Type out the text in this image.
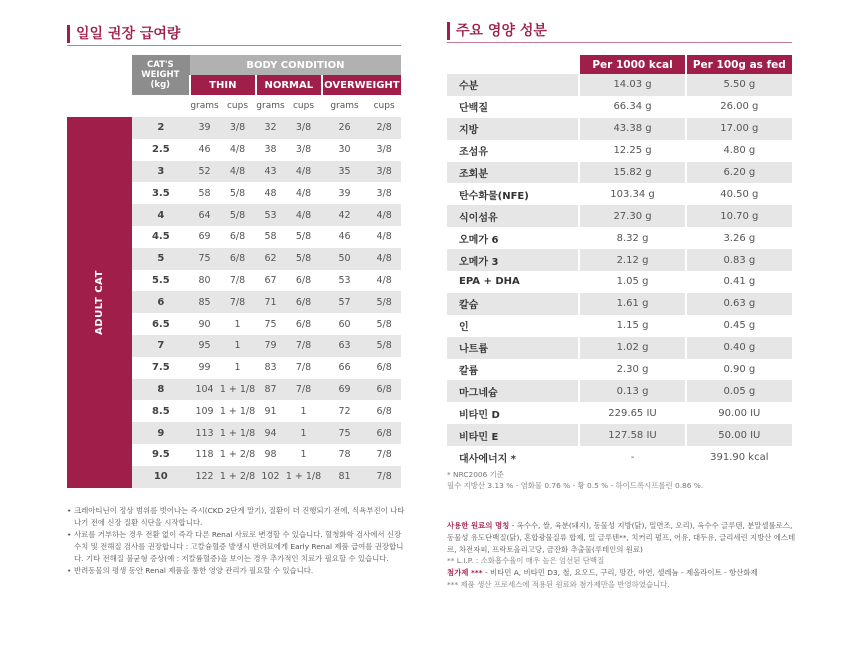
일일 권장 급여량
	CAT'S WEIGHT (kg)	BODY CONDITION					
		THIN		NORMAL		OVERWEIGHT	
		grams	cups	grams	cups	grams	cups
ADULT CAT	2	39	3/8	32	3/8	26	2/8
	2.5	46	4/8	38	3/8	30	3/8
	3	52	4/8	43	4/8	35	3/8
	3.5	58	5/8	48	4/8	39	3/8
	4	64	5/8	53	4/8	42	4/8
	4.5	69	6/8	58	5/8	46	4/8
	5	75	6/8	62	5/8	50	4/8
	5.5	80	7/8	67	6/8	53	4/8
	6	85	7/8	71	6/8	57	5/8
	6.5	90	1	75	6/8	60	5/8
	7	95	1	79	7/8	63	5/8
	7.5	99	1	83	7/8	66	6/8
	8	104	1 + 1/8	87	7/8	69	6/8
	8.5	109	1 + 1/8	91	1	72	6/8
	9	113	1 + 1/8	94	1	75	6/8
	9.5	118	1 + 2/8	98	1	78	7/8
	10	122	1 + 2/8	102	1 + 1/8	81	7/8
• 크레아티닌이 정상 범위를 벗어나는 즉시(CKD 2단계 말기), 질환이 더 진행되기 전에, 식욕부진이 나타나기 전에 신장 질환 식단을 시작합니다.
• 사료를 거부하는 경우 전환 없이 즉각 다른 Renal 사료로 변경할 수 있습니다. 혈청화학 검사에서 신장 수치 및 전해질 검사를 권장합니다 : 고칼슘혈증 발생시 반려묘에게 Early Renal 제품 급여를 권장합니다. 기타 전해질 불균형 증상(예 : 저칼륨혈증)을 보이는 경우 추가적인 치료가 필요할 수 있습니다.
• 반려동물의 평생 동안 Renal 제품을 통한 영양 관리가 필요할 수 있습니다.
주요 영양 성분
	Per 1000 kcal	Per 100g as fed
수분	14.03 g	5.50 g
단백질	66.34 g	26.00 g
지방	43.38 g	17.00 g
조섬유	12.25 g	4.80 g
조회분	15.82 g	6.20 g
탄수화물(NFE)	103.34 g	40.50 g
식이섬유	27.30 g	10.70 g
오메가 6	8.32 g	3.26 g
오메가 3	2.12 g	0.83 g
EPA + DHA	1.05 g	0.41 g
칼슘	1.61 g	0.63 g
인	1.15 g	0.45 g
나트륨	1.02 g	0.40 g
칼륨	2.30 g	0.90 g
마그네슘	0.13 g	0.05 g
비타민 D	229.65 IU	90.00 IU
비타민 E	127.58 IU	50.00 IU
대사에너지 *	-	391.90 kcal
* NRC2006 기준
필수 지방산 3.13 % - 염화물 0.76 % - 황 0.5 % - 하이드록시프롤린 0.86 %.
사용한 원료의 명칭 - 옥수수, 쌀, 육분(돼지), 동물성 지방(닭), 밀면조, 오리), 옥수수 글루텐, 분말셀룰로스, 동물성 유도단백질(닭), 혼합광물질류 합제, 밀 글루텐**, 치커리 펄프, 어유, 대두유, 글리세린 지방산 에스테르, 차전자피, 프락토올리고당, 금잔화 추출물(루테인의 원료)
** L.I.P. : 소화흡수율이 매우 높은 엄선된 단백질
첨가제 *** - 비타민 A, 비타민 D3, 철, 요오드, 구리, 망간, 아연, 셀레늄 - 제올라이트 - 항산화제
*** 제품 생산 프로세스에 적용된 원료와 첨가제만을 반영하였습니다.
